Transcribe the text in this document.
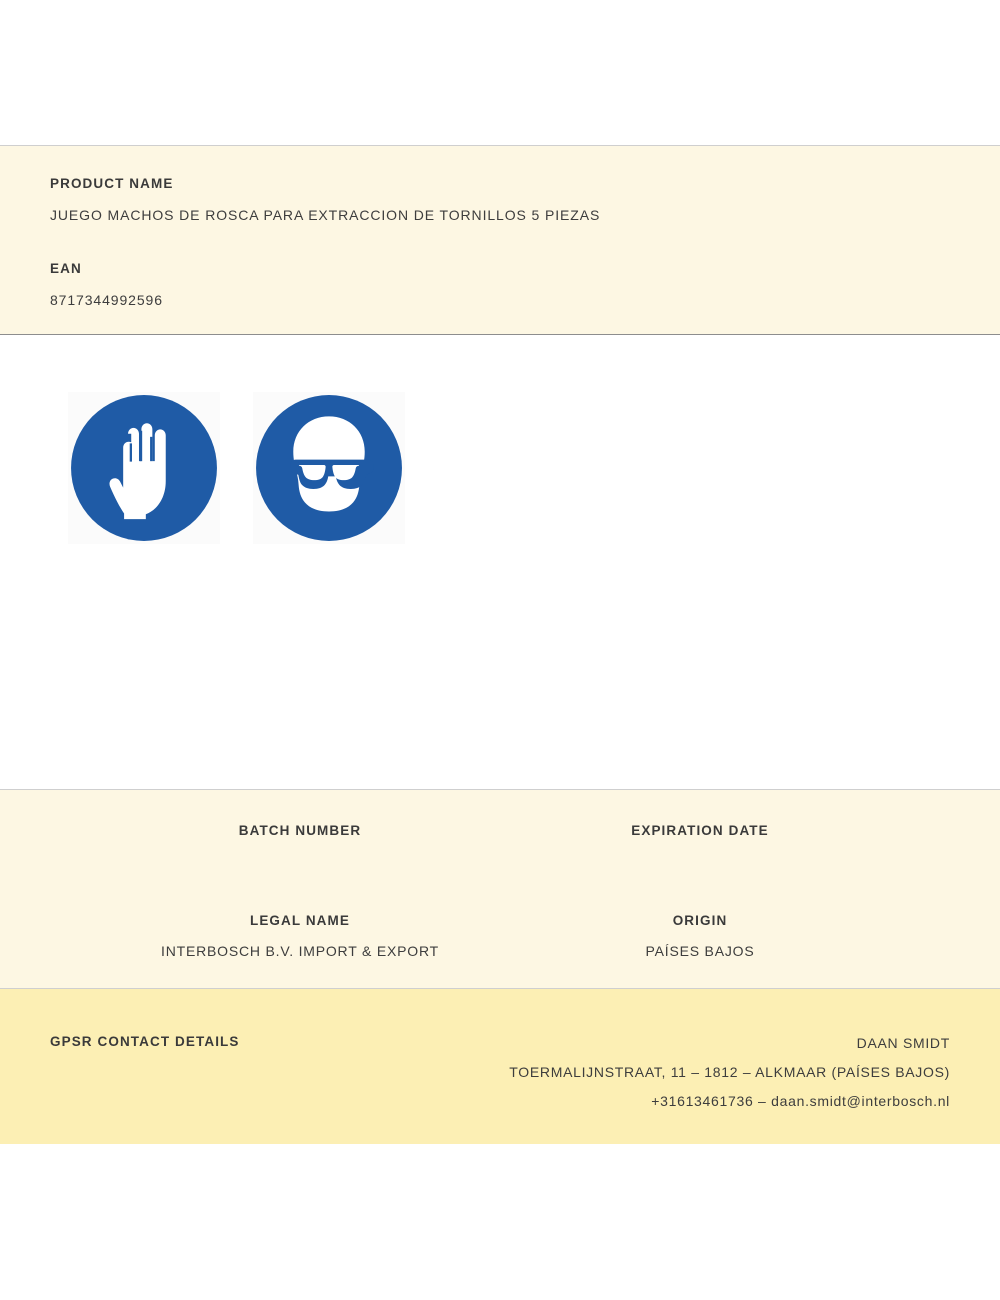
PRODUCT NAME
JUEGO MACHOS DE ROSCA PARA EXTRACCION DE TORNILLOS 5 PIEZAS
EAN
8717344992596
BATCH NUMBER	EXPIRATION DATE
LEGAL NAME	ORIGIN
INTERBOSCH B.V. IMPORT & EXPORT	PAÍSES BAJOS
GPSR CONTACT DETAILS	DAAN SMIDT
TOERMALIJNSTRAAT, 11 – 1812 – ALKMAAR (PAÍSES BAJOS)
+31613461736 – daan.smidt@interbosch.nl
